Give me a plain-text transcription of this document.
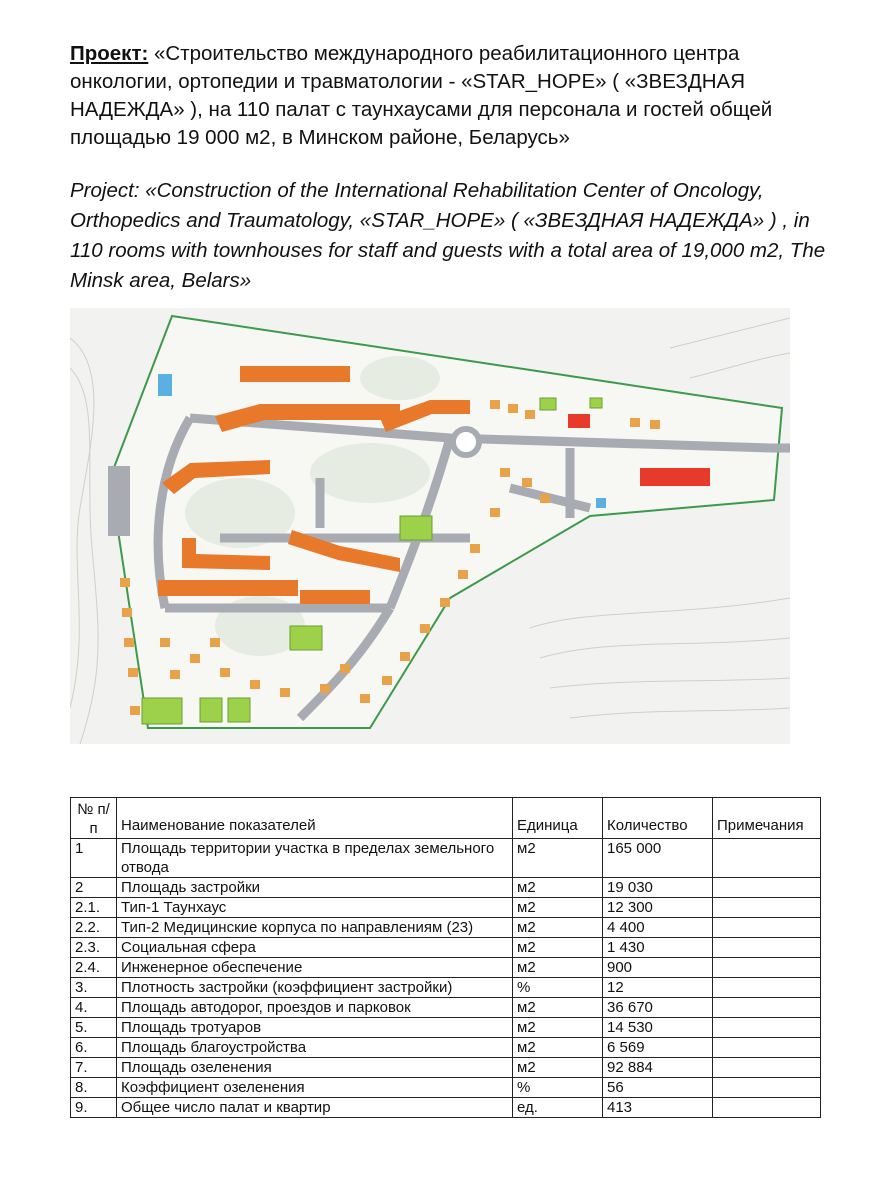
Проект: «Строительство международного реабилитационного центра онкологии, ортопедии и травматологии - «STAR_HOPE» ( «ЗВЕЗДНАЯ НАДЕЖДА» ), на 110 палат с таунхаусами для персонала и гостей общей площадью 19 000 м2, в Минском районе, Беларусь»
Project: «Construction of the International Rehabilitation Center of Oncology, Orthopedics and Traumatology, «STAR_HOPE» ( «ЗВЕЗДНАЯ НАДЕЖДА» ) , in 110 rooms with townhouses for staff and guests with a total area of 19,000 m2, The Minsk area, Belars»
№ п/п	Наименование показателей	Единица	Количество	Примечания
1	Площадь территории участка в пределах земельного отвода	м2	165 000	
2	Площадь застройки	м2	19 030	
2.1.	Тип-1 Таунхаус	м2	12 300	
2.2.	Тип-2 Медицинские корпуса по направлениям (23)	м2	4 400	
2.3.	Социальная сфера	м2	1 430	
2.4.	Инженерное обеспечение	м2	900	
3.	Плотность застройки (коэффициент застройки)	%	12	
4.	Площадь автодорог, проездов и парковок	м2	36 670	
5.	Площадь тротуаров	м2	14 530	
6.	Площадь благоустройства	м2	6 569	
7.	Площадь озеленения	м2	92 884	
8.	Коэффициент озеленения	%	56	
9.	Общее число палат и квартир	ед.	413	
